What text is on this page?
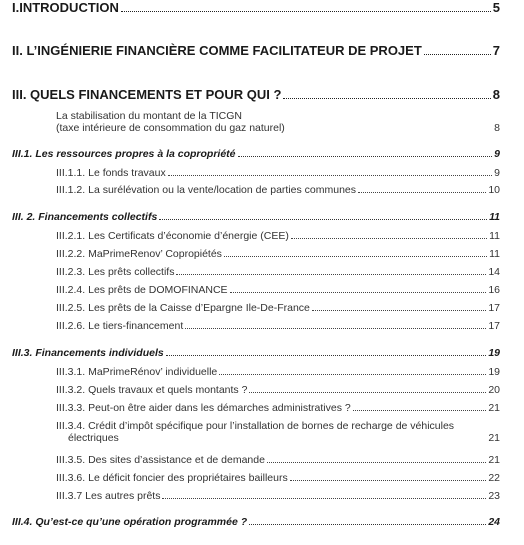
I.INTRODUCTION	5
II. L’INGÉNIERIE FINANCIÈRE COMME FACILITATEUR DE PROJET	7
III. QUELS FINANCEMENTS ET POUR QUI ?	8
La stabilisation du montant de la TICGN
(taxe intérieure de consommation du gaz naturel)	8
III.1. Les ressources propres à la copropriété	9
III.1.1. Le fonds travaux	9
III.1.2. La surélévation ou la vente/location de parties communes	10
III. 2. Financements collectifs	11
III.2.1. Les Certificats d’économie d’énergie (CEE)	11
III.2.2. MaPrimeRenov’ Copropiétés	11
III.2.3. Les prêts collectifs	14
III.2.4. Les prêts de DOMOFINANCE	16
III.2.5. Les prêts de la Caisse d’Epargne Ile-De-France	17
III.2.6. Le tiers-financement	17
III.3. Financements individuels	19
III.3.1. MaPrimeRénov’ individuelle	19
III.3.2. Quels travaux et quels montants ?	20
III.3.3. Peut-on être aider dans les démarches administratives ?	21
III.3.4. Crédit d’impôt spécifique pour l’installation de bornes de recharge de véhicules
électriques	21
III.3.5. Des sites d’assistance et de demande	21
III.3.6. Le déficit foncier des propriétaires bailleurs	22
III.3.7 Les autres prêts	23
III.4. Qu’est-ce qu’une opération programmée ?	24
